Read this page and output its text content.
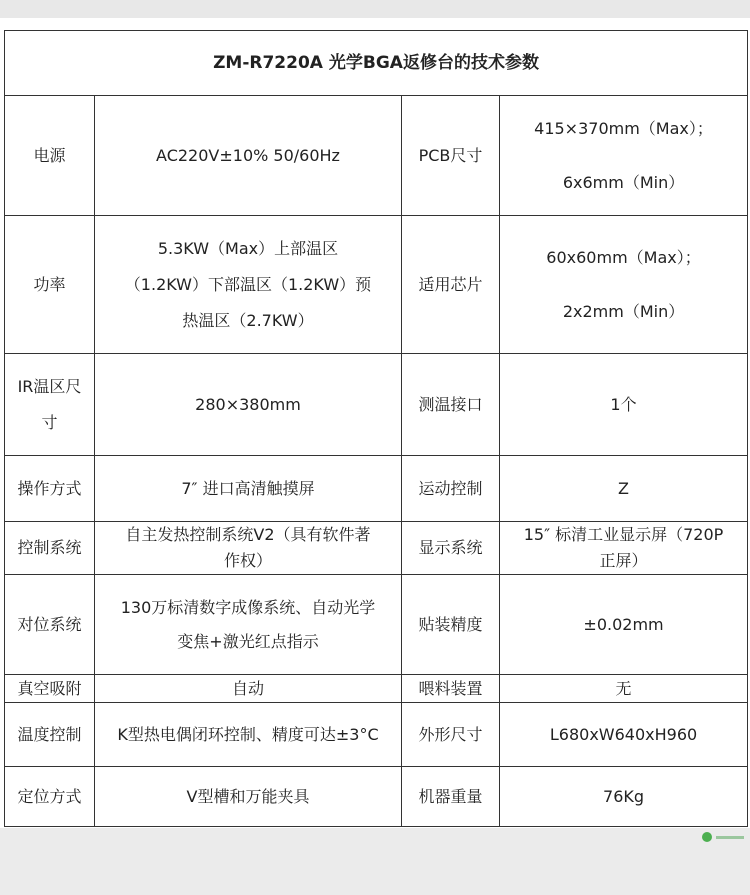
ZM-R7220A 光学BGA返修台的技术参数			
电源	AC220V±10% 50/60Hz	PCB尺寸	415×370mm（Max）；
6x6mm（Min）

功率	5.3KW（Max）上部温区
（1.2KW）下部温区（1.2KW）预
热温区（2.7KW）	适用芯片	60x60mm（Max）；
2x2mm（Min）

IR温区尺
寸	280×380mm	测温接口	1个

操作方式	7″ 进口高清触摸屏	运动控制	Z

控制系统	自主发热控制系统V2（具有软件著
作权）	显示系统	15″ 标清工业显示屏（720P
正屏）

对位系统	130万标清数字成像系统、自动光学
变焦+激光红点指示	贴装精度	±0.02mm

真空吸附	自动	喂料装置	无

温度控制	K型热电偶闭环控制、精度可达±3°C	外形尺寸	L680xW640xH960

定位方式	V型槽和万能夹具	机器重量	76Kg
